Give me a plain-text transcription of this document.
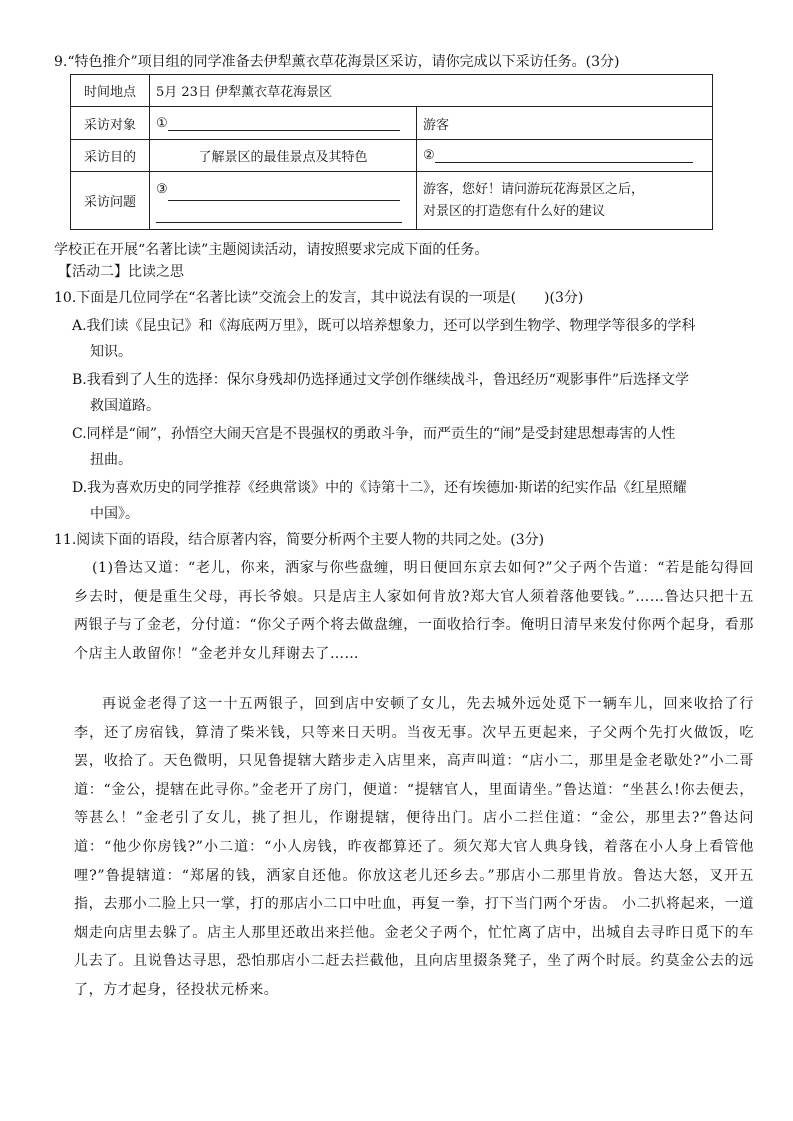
9.“特色推介”项目组的同学准备去伊犁薰衣草花海景区采访，请你完成以下采访任务。(3分)
时间地点	5月 23日 伊犁薰衣草花海景区	
采访对象	①	游客
采访目的	了解景区的最佳景点及其特色	②
采访问题	③	游客，您好！请问游玩花海景区之后，
对景区的打造您有什么好的建议
学校正在开展“名著比读”主题阅读活动，请按照要求完成下面的任务。
【活动二】比读之思
10.下面是几位同学在“名著比读”交流会上的发言，其中说法有误的一项是(　　)(3分)
A.我们读《昆虫记》和《海底两万里》，既可以培养想象力，还可以学到生物学、物理学等很多的学科
知识。
B.我看到了人生的选择：保尔身残却仍选择通过文学创作继续战斗，鲁迅经历“观影事件”后选择文学
救国道路。
C.同样是“闹”，孙悟空大闹天宫是不畏强权的勇敢斗争，而严贡生的“闹”是受封建思想毒害的人性
扭曲。
D.我为喜欢历史的同学推荐《经典常谈》中的《诗第十二》，还有埃德加·斯诺的纪实作品《红星照耀
中国》。
11.阅读下面的语段，结合原著内容，简要分析两个主要人物的共同之处。(3分)

(1)鲁达又道：“老儿，你来，洒家与你些盘缠，明日便回东京去如何?”父子两个告道：“若是能勾得回乡去时，便是重生父母，再长爷娘。只是店主人家如何肯放?郑大官人须着落他要钱。”……鲁达只把十五两银子与了金老，分付道：“你父子两个将去做盘缠，一面收拾行李。俺明日清早来发付你两个起身，看那个店主人敢留你！”金老并女儿拜谢去了……

再说金老得了这一十五两银子，回到店中安顿了女儿，先去城外远处觅下一辆车儿，回来收拾了行李，还了房宿钱，算清了柴米钱，只等来日天明。当夜无事。次早五更起来，子父两个先打火做饭，吃罢，收拾了。天色微明，只见鲁提辖大踏步走入店里来，高声叫道：“店小二，那里是金老歇处?”小二哥道：“金公，提辖在此寻你。”金老开了房门，便道：“提辖官人，里面请坐。”鲁达道：“坐甚么!你去便去，等甚么！”金老引了女儿，挑了担儿，作谢提辖，便待出门。店小二拦住道：“金公，那里去?”鲁达问道：“他少你房钱?”小二道：“小人房钱，昨夜都算还了。须欠郑大官人典身钱，着落在小人身上看管他哩?”鲁提辖道：“郑屠的钱，洒家自还他。你放这老儿还乡去。”那店小二那里肯放。鲁达大怒，叉开五指，去那小二脸上只一掌，打的那店小二口中吐血，再复一拳，打下当门两个牙齿。 小二扒将起来，一道烟走向店里去躲了。店主人那里还敢出来拦他。金老父子两个，忙忙离了店中，出城自去寻昨日觅下的车儿去了。且说鲁达寻思，恐怕那店小二赶去拦截他，且向店里掇条凳子，坐了两个时辰。约莫金公去的远了，方才起身，径投状元桥来。
